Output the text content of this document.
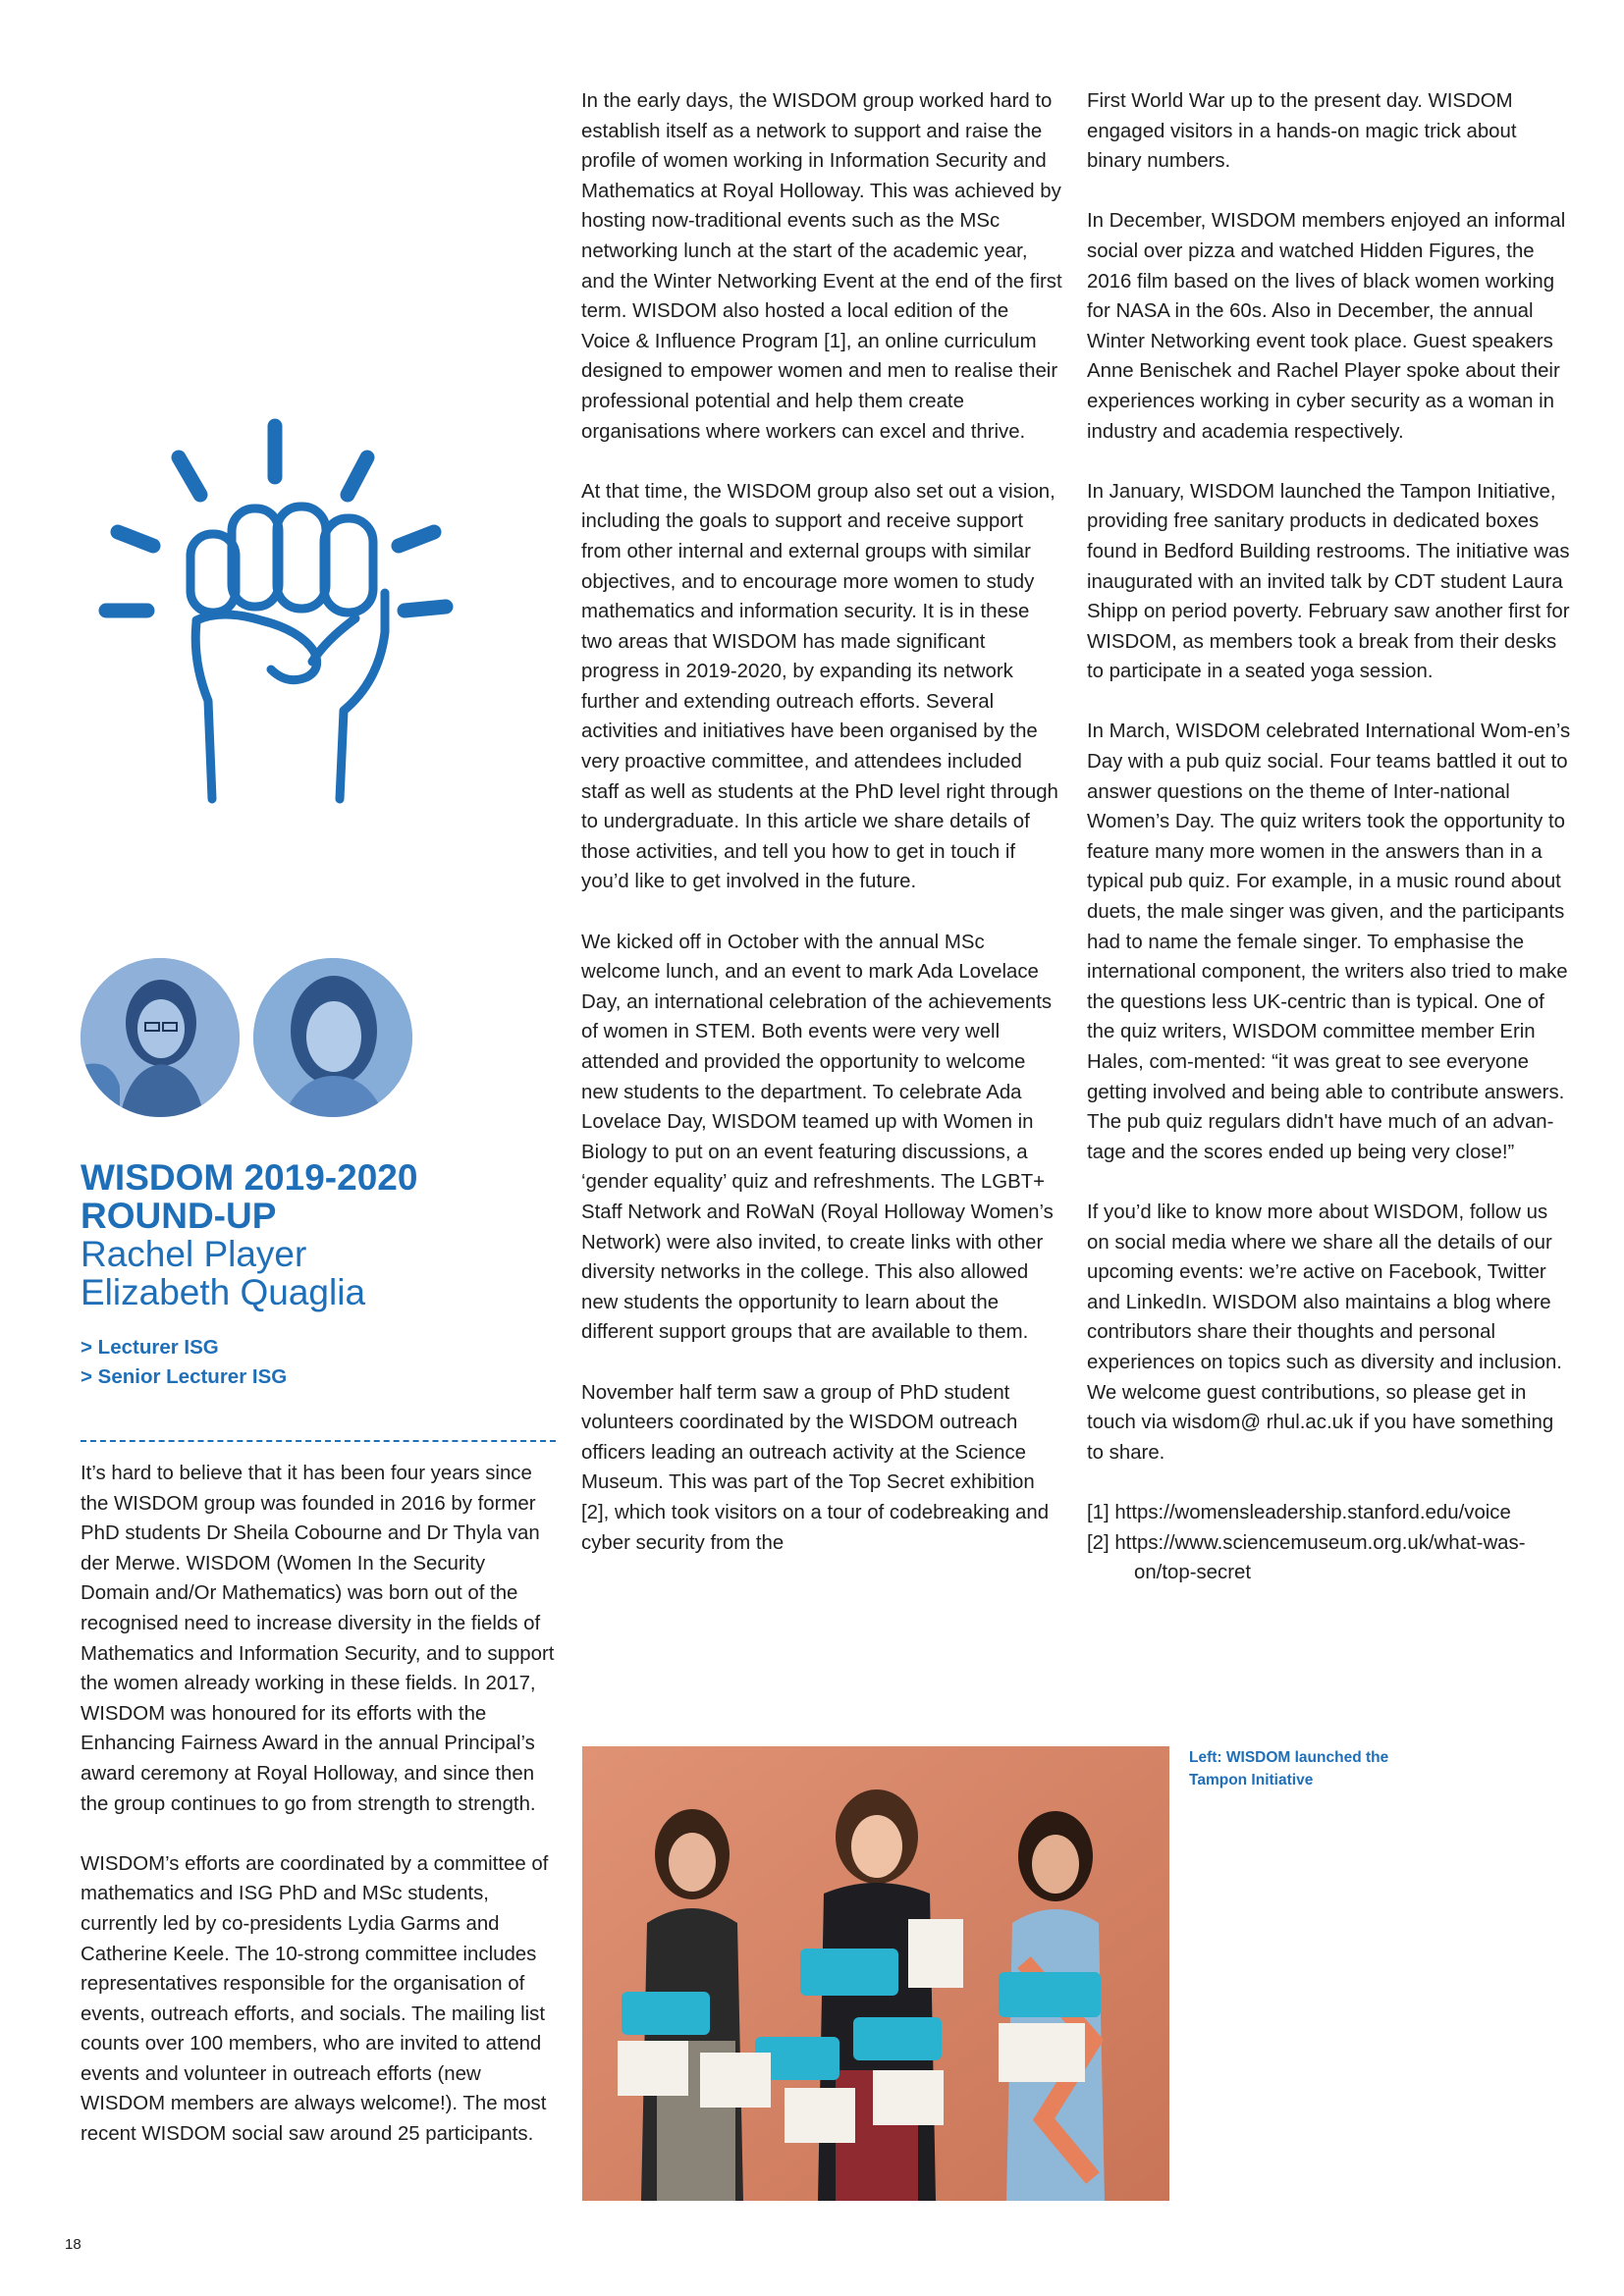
WISDOM 2019-2020

ROUND-UP

Rachel Player

Elizabeth Quaglia

> Lecturer ISG
> Senior Lecturer ISG

It’s hard to believe that it has been four years since the WISDOM group was founded in 2016 by former PhD students Dr Sheila Cobourne and Dr Thyla van der Merwe. WISDOM (Women In the Security Domain and/Or Mathematics) was born out of the recognised need to increase diversity in the fields of Mathematics and Information Security, and to support the women already working in these fields. In 2017, WISDOM was honoured for its efforts with the Enhancing Fairness Award in the annual Principal’s award ceremony at Royal Holloway, and since then the group continues to go from strength to strength.

WISDOM’s efforts are coordinated by a committee of mathematics and ISG PhD and MSc students, currently led by co-presidents Lydia Garms and Catherine Keele. The 10-strong committee includes representatives responsible for the organisation of events, outreach efforts, and socials. The mailing list counts over 100 members, who are invited to attend events and volunteer in outreach efforts (new WISDOM members are always welcome!). The most recent WISDOM social saw around 25 participants.

In the early days, the WISDOM group worked hard to establish itself as a network to support and raise the profile of women working in Information Security and Mathematics at Royal Holloway. This was achieved by hosting now-traditional events such as the MSc networking lunch at the start of the academic year, and the Winter Networking Event at the end of the first term. WISDOM also hosted a local edition of the Voice & Influence Program [1], an online curriculum designed to empower women and men to realise their professional potential and help them create organisations where workers can excel and thrive.

At that time, the WISDOM group also set out a vision, including the goals to support and receive support from other internal and external groups with similar objectives, and to encourage more women to study mathematics and information security. It is in these two areas that WISDOM has made significant progress in 2019-2020, by expanding its network further and extending outreach efforts. Several activities and initiatives have been organised by the very proactive committee, and attendees included staff as well as students at the PhD level right through to undergraduate. In this article we share details of those activities, and tell you how to get in touch if you’d like to get involved in the future.

We kicked off in October with the annual MSc welcome lunch, and an event to mark Ada Lovelace Day, an international celebration of the achievements of women in STEM. Both events were very well attended and provided the opportunity to welcome new students to the department. To celebrate Ada Lovelace Day, WISDOM teamed up with Women in Biology to put on an event featuring discussions, a ‘gender equality’ quiz and refreshments. The LGBT+ Staff Network and RoWaN (Royal Holloway Women’s Network) were also invited, to create links with other diversity networks in the college. This also allowed new students the opportunity to learn about the different support groups that are available to them.

November half term saw a group of PhD student volunteers coordinated by the WISDOM outreach officers leading an outreach activity at the Science Museum. This was part of the Top Secret exhibition [2], which took visitors on a tour of codebreaking and cyber security from the

First World War up to the present day. WISDOM engaged visitors in a hands-on magic trick about binary numbers.

In December, WISDOM members enjoyed an informal social over pizza and watched Hidden Figures, the 2016 film based on the lives of black women working for NASA in the 60s. Also in December, the annual Winter Networking event took place. Guest speakers Anne Benischek and Rachel Player spoke about their experiences working in cyber security as a woman in industry and academia respectively.

In January, WISDOM launched the Tampon Initiative, providing free sanitary products in dedicated boxes found in Bedford Building restrooms. The initiative was inaugurated with an invited talk by CDT student Laura Shipp on period poverty. February saw another first for WISDOM, as members took a break from their desks to participate in a seated yoga session.

In March, WISDOM celebrated International Wom-en’s Day with a pub quiz social. Four teams battled it out to answer questions on the theme of Inter-national Women’s Day. The quiz writers took the opportunity to feature many more women in the answers than in a typical pub quiz. For example, in a music round about duets, the male singer was given, and the participants had to name the female singer. To emphasise the international component, the writers also tried to make the questions less UK-centric than is typical. One of the quiz writers, WISDOM committee member Erin Hales, com-mented: “it was great to see everyone getting involved and being able to contribute answers. The pub quiz regulars didn't have much of an advan-tage and the scores ended up being very close!”

If you’d like to know more about WISDOM, follow us on social media where we share all the details of our upcoming events: we’re active on Facebook, Twitter and LinkedIn. WISDOM also maintains a blog where contributors share their thoughts and personal experiences on topics such as diversity and inclusion. We welcome guest contributions, so please get in touch via wisdom@ rhul.ac.uk if you have something to share.

[1] https://womensleadership.stanford.edu/voice

[2] https://www.sciencemuseum.org.uk/what-was-on/top-secret

Left: WISDOM launched the Tampon Initiative
18
